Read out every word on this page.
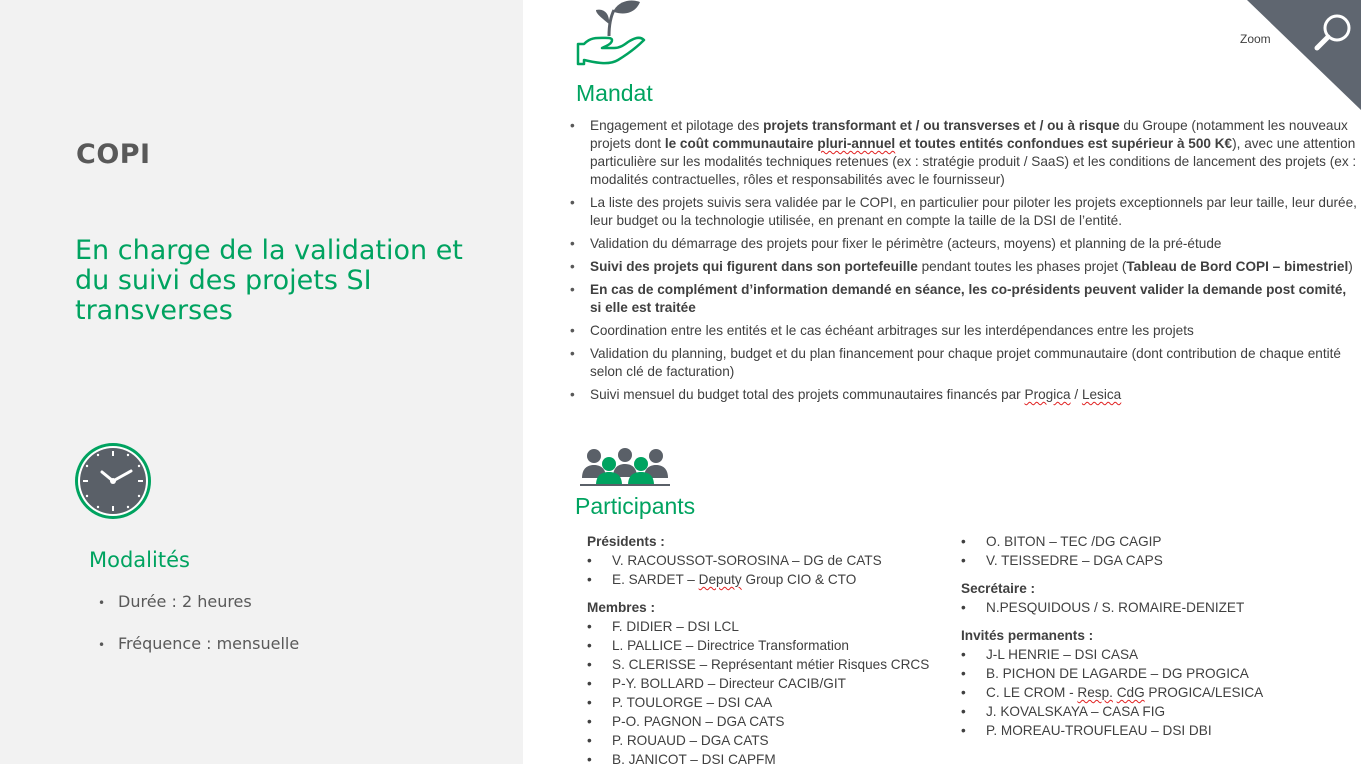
COPI
En charge de la validation et du suivi des projets SI transverses
Modalités
• Durée : 2 heures
• Fréquence : mensuelle
Zoom
Mandat
• Engagement et pilotage des projets transformant et / ou transverses et / ou à risque du Groupe (notamment les nouveaux projets dont le coût communautaire pluri-annuel et toutes entités confondues est supérieur à 500 K€), avec une attention particulière sur les modalités techniques retenues (ex : stratégie produit / SaaS) et les conditions de lancement des projets (ex : modalités contractuelles, rôles et responsabilités avec le fournisseur)
• La liste des projets suivis sera validée par le COPI, en particulier pour piloter les projets exceptionnels par leur taille, leur durée, leur budget ou la technologie utilisée, en prenant en compte la taille de la DSI de l’entité.
• Validation du démarrage des projets pour fixer le périmètre (acteurs, moyens) et planning de la pré-étude
• Suivi des projets qui figurent dans son portefeuille pendant toutes les phases projet (Tableau de Bord COPI – bimestriel)
• En cas de complément d’information demandé en séance, les co-présidents peuvent valider la demande post comité, si elle est traitée
• Coordination entre les entités et le cas échéant arbitrages sur les interdépendances entre les projets
• Validation du planning, budget et du plan financement pour chaque projet communautaire (dont contribution de chaque entité selon clé de facturation)
• Suivi mensuel du budget total des projets communautaires financés par Progica / Lesica
Participants
Présidents :
• V. RACOUSSOT-SOROSINA – DG de CATS
• E. SARDET – Deputy Group CIO & CTO
Membres :
• F. DIDIER – DSI LCL
• L. PALLICE – Directrice Transformation
• S. CLERISSE – Représentant métier Risques CRCS
• P-Y. BOLLARD – Directeur CACIB/GIT
• P. TOULORGE – DSI CAA
• P-O. PAGNON – DGA CATS
• P. ROUAUD – DGA CATS
• B. JANICOT – DSI CAPFM
• O. BITON – TEC /DG CAGIP
• V. TEISSEDRE – DGA CAPS
Secrétaire :
• N.PESQUIDOUS / S. ROMAIRE-DENIZET
Invités permanents :
• J-L HENRIE – DSI CASA
• B. PICHON DE LAGARDE – DG PROGICA
• C. LE CROM - Resp. CdG PROGICA/LESICA
• J. KOVALSKAYA – CASA FIG
• P. MOREAU-TROUFLEAU – DSI DBI
